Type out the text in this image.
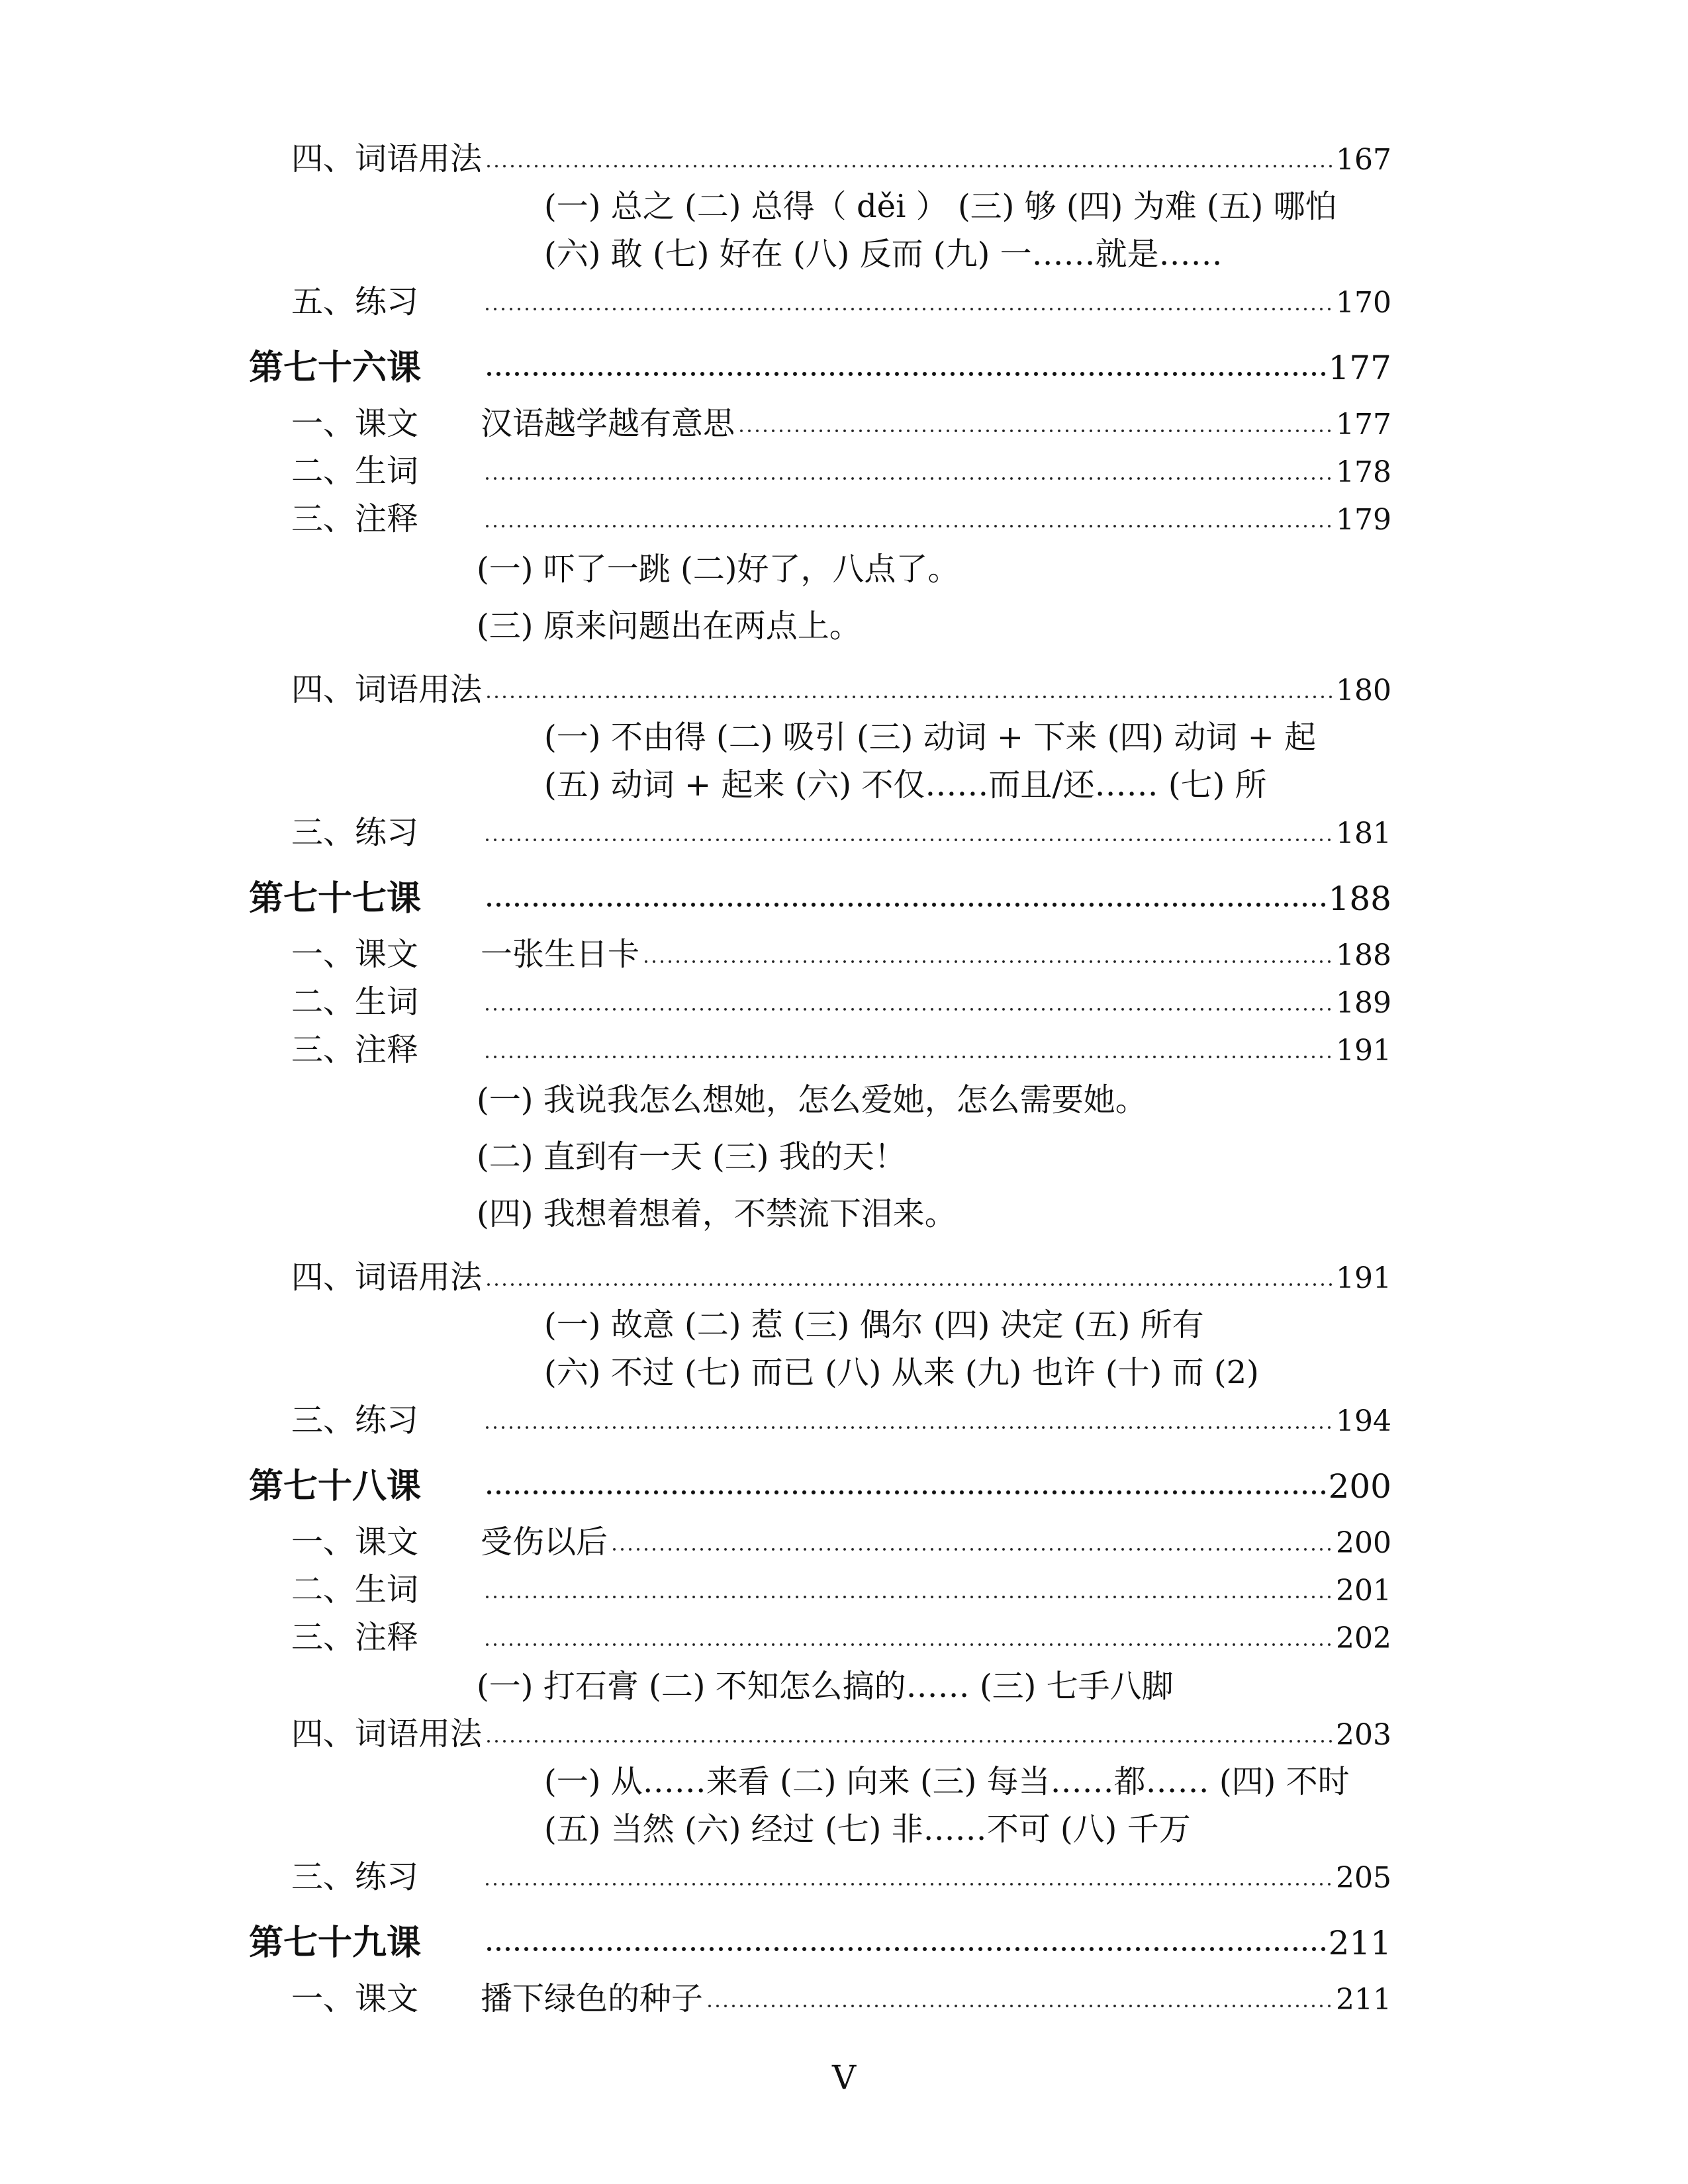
四、词语用法	167
(一) 总之 (二) 总得（ děi ） (三) 够 (四) 为难 (五) 哪怕
(六) 敢 (七) 好在 (八) 反而 (九) 一……就是……
五、练习	170
第七十六课	177
一、课文	汉语越学越有意思	177
二、生词	178
三、注释	179
(一) 吓了一跳 (二)好了，八点了。
(三) 原来问题出在两点上。
四、词语用法	180
(一) 不由得 (二) 吸引 (三) 动词 + 下来 (四) 动词 + 起
(五) 动词 + 起来 (六) 不仅……而且/还…… (七) 所
三、练习	181
第七十七课	188
一、课文	一张生日卡	188
二、生词	189
三、注释	191
(一) 我说我怎么想她，怎么爱她，怎么需要她。
(二) 直到有一天 (三) 我的天！
(四) 我想着想着，不禁流下泪来。
四、词语用法	191
(一) 故意 (二) 惹 (三) 偶尔 (四) 决定 (五) 所有
(六) 不过 (七) 而已 (八) 从来 (九) 也许 (十) 而 (2)
三、练习	194
第七十八课	200
一、课文	受伤以后	200
二、生词	201
三、注释	202
(一) 打石膏 (二) 不知怎么搞的…… (三) 七手八脚
四、词语用法	203
(一) 从……来看 (二) 向来 (三) 每当……都…… (四) 不时
(五) 当然 (六) 经过 (七) 非……不可 (八) 千万
三、练习	205
第七十九课	211
一、课文	播下绿色的种子	211
V
